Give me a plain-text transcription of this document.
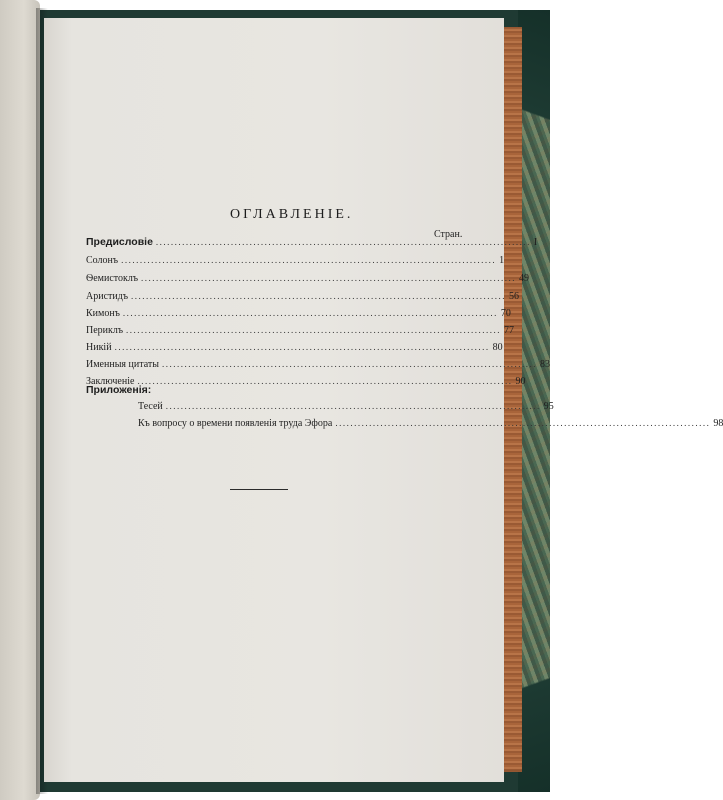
ОГЛАВЛЕНІЕ.
Стран.
Предисловіе .................................................................................................... I
Солонъ .................................................................................................... 1
Ѳемистоклъ .................................................................................................... 49
Аристидъ .................................................................................................... 56
Кимонъ .................................................................................................... 70
Периклъ .................................................................................................... 77
Никій .................................................................................................... 80
Именныя цитаты .................................................................................................... 83
Заключеніе .................................................................................................... 90
Приложенія:
Тесей .................................................................................................... 95
Къ вопросу о времени появленія труда Эфора .................................................................................................... 98
